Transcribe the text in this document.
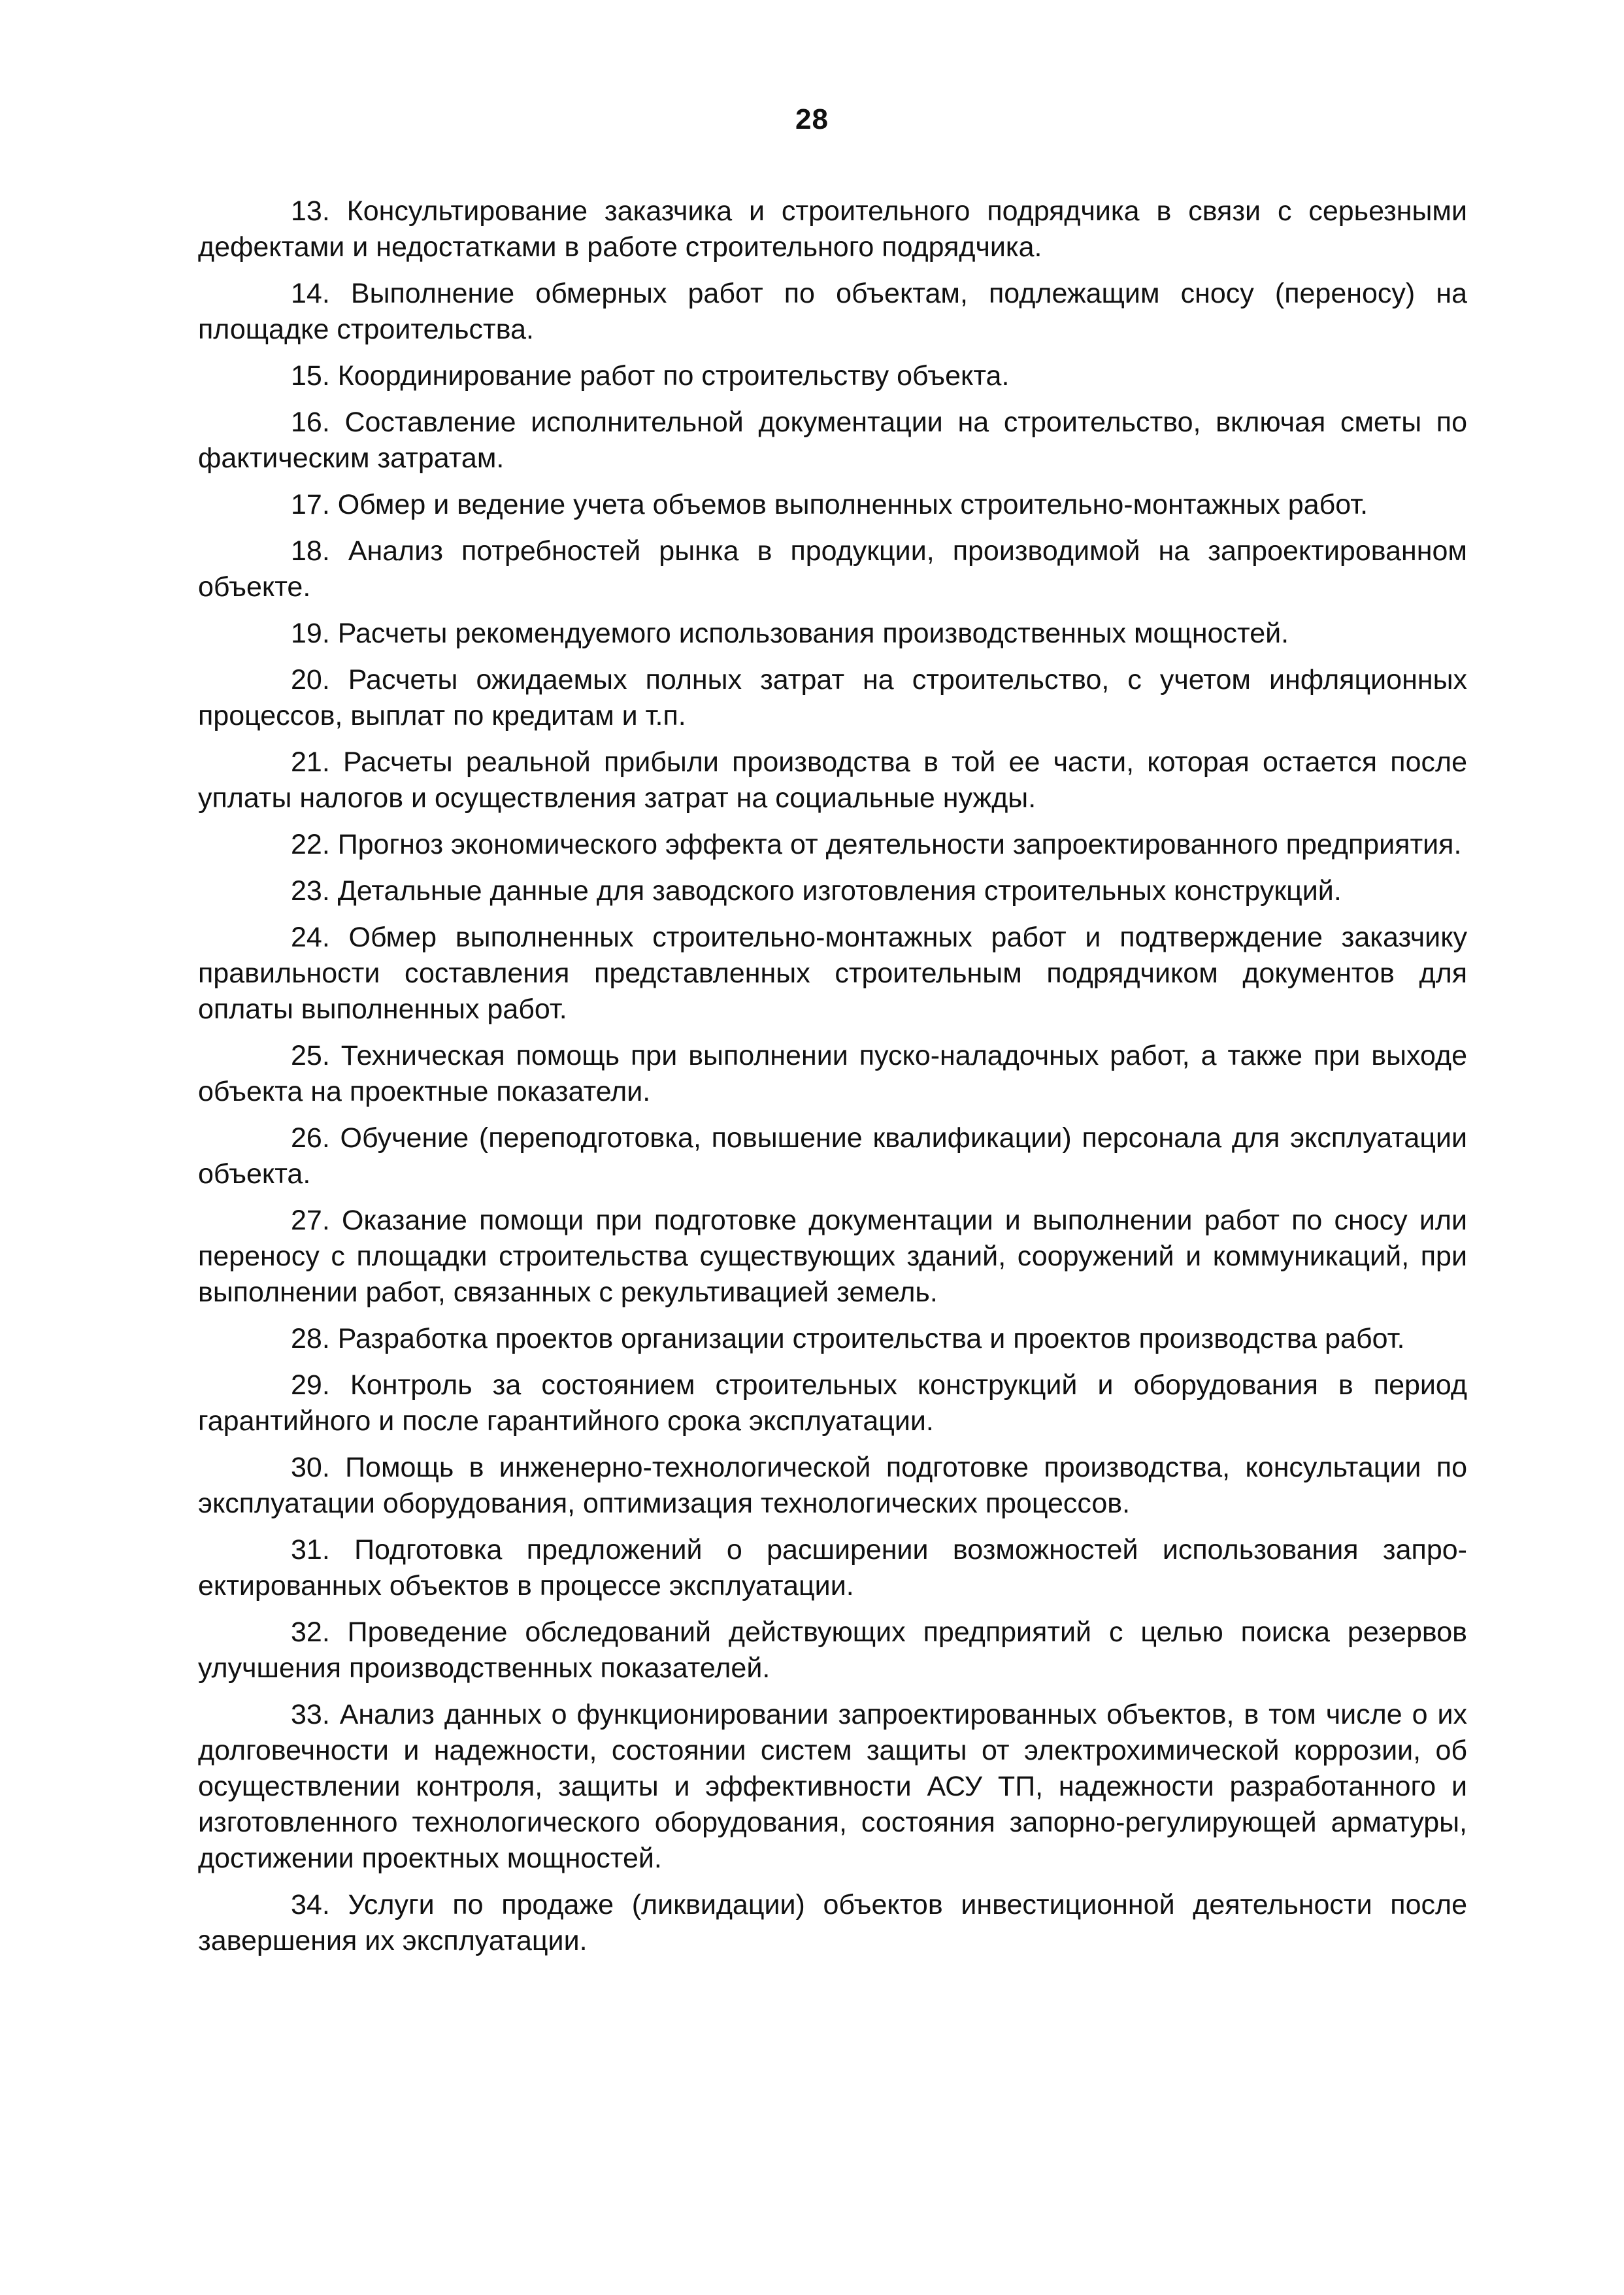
28

13. Консультирование заказчика и строительного подрядчика в связи с серьезными дефектами и недостатками в работе строительного подрядчика.

14. Выполнение обмерных работ по объектам, подлежащим сносу (переносу) на площадке строительства.

15. Координирование работ по строительству объекта.

16. Составление исполнительной документации на строительство, включая сметы по фактическим затратам.

17. Обмер и ведение учета объемов выполненных строительно-монтажных работ.

18. Анализ потребностей рынка в продукции, производимой на запроектированном объекте.

19. Расчеты рекомендуемого использования производственных мощностей.

20. Расчеты ожидаемых полных затрат на строительство, с учетом инфляционных процессов, выплат по кредитам и т.п.

21. Расчеты реальной прибыли производства в той ее части, которая остается после уплаты налогов и осуществления затрат на социальные нужды.

22. Прогноз экономического эффекта от деятельности запроектированного предприятия.

23. Детальные данные для заводского изготовления строительных конструкций.

24. Обмер выполненных строительно-монтажных работ и подтверждение заказчику правильности составления представленных строительным подрядчиком документов для оплаты выполненных работ.

25. Техническая помощь при выполнении пуско-наладочных работ, а также при выходе объекта на проектные показатели.

26. Обучение (переподготовка, повышение квалификации) персонала для эксплуатации объекта.

27. Оказание помощи при подготовке документации и выполнении работ по сносу или переносу с площадки строительства существующих зданий, сооружений и коммуникаций, при выполнении работ, связанных с рекультивацией земель.

28. Разработка проектов организации строительства и проектов производства работ.

29. Контроль за состоянием строительных конструкций и оборудования в период гарантийного и после гарантийного срока эксплуатации.

30. Помощь в инженерно-технологической подготовке производства, консультации по эксплуатации оборудования, оптимизация технологических процессов.

31. Подготовка предложений о расширении возможностей использования запроектированных объектов в процессе эксплуатации.

32. Проведение обследований действующих предприятий с целью поиска резервов улучшения производственных показателей.

33. Анализ данных о функционировании запроектированных объектов, в том числе о их долговечности и надежности, состоянии систем защиты от электрохимической коррозии, об осуществлении контроля, защиты и эффективности АСУ ТП, надежности разработанного и изготовленного технологического оборудования, состояния запорно-регулирующей арматуры, достижении проектных мощностей.

34. Услуги по продаже (ликвидации) объектов инвестиционной деятельности после завершения их эксплуатации.
